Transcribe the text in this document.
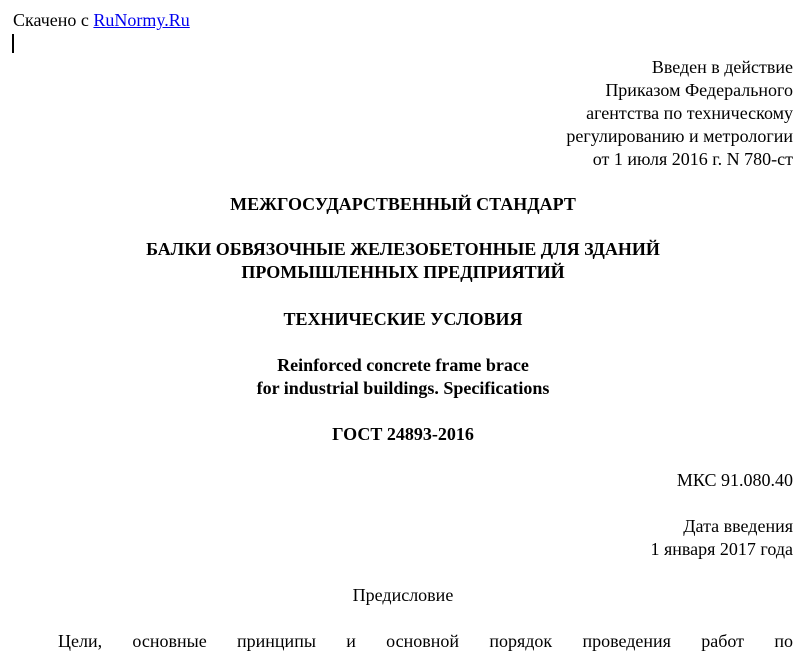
Скачено с RuNormy.Ru
Введен в действие
Приказом Федерального
агентства по техническому
регулированию и метрологии
от 1 июля 2016 г. N 780-ст
МЕЖГОСУДАРСТВЕННЫЙ СТАНДАРТ
БАЛКИ ОБВЯЗОЧНЫЕ ЖЕЛЕЗОБЕТОННЫЕ ДЛЯ ЗДАНИЙ
ПРОМЫШЛЕННЫХ ПРЕДПРИЯТИЙ
ТЕХНИЧЕСКИЕ УСЛОВИЯ
Reinforced concrete frame brace
for industrial buildings. Specifications
ГОСТ 24893-2016
МКС 91.080.40
Дата введения
1 января 2017 года
Предисловие
Цели, основные принципы и основной порядок проведения работ по
